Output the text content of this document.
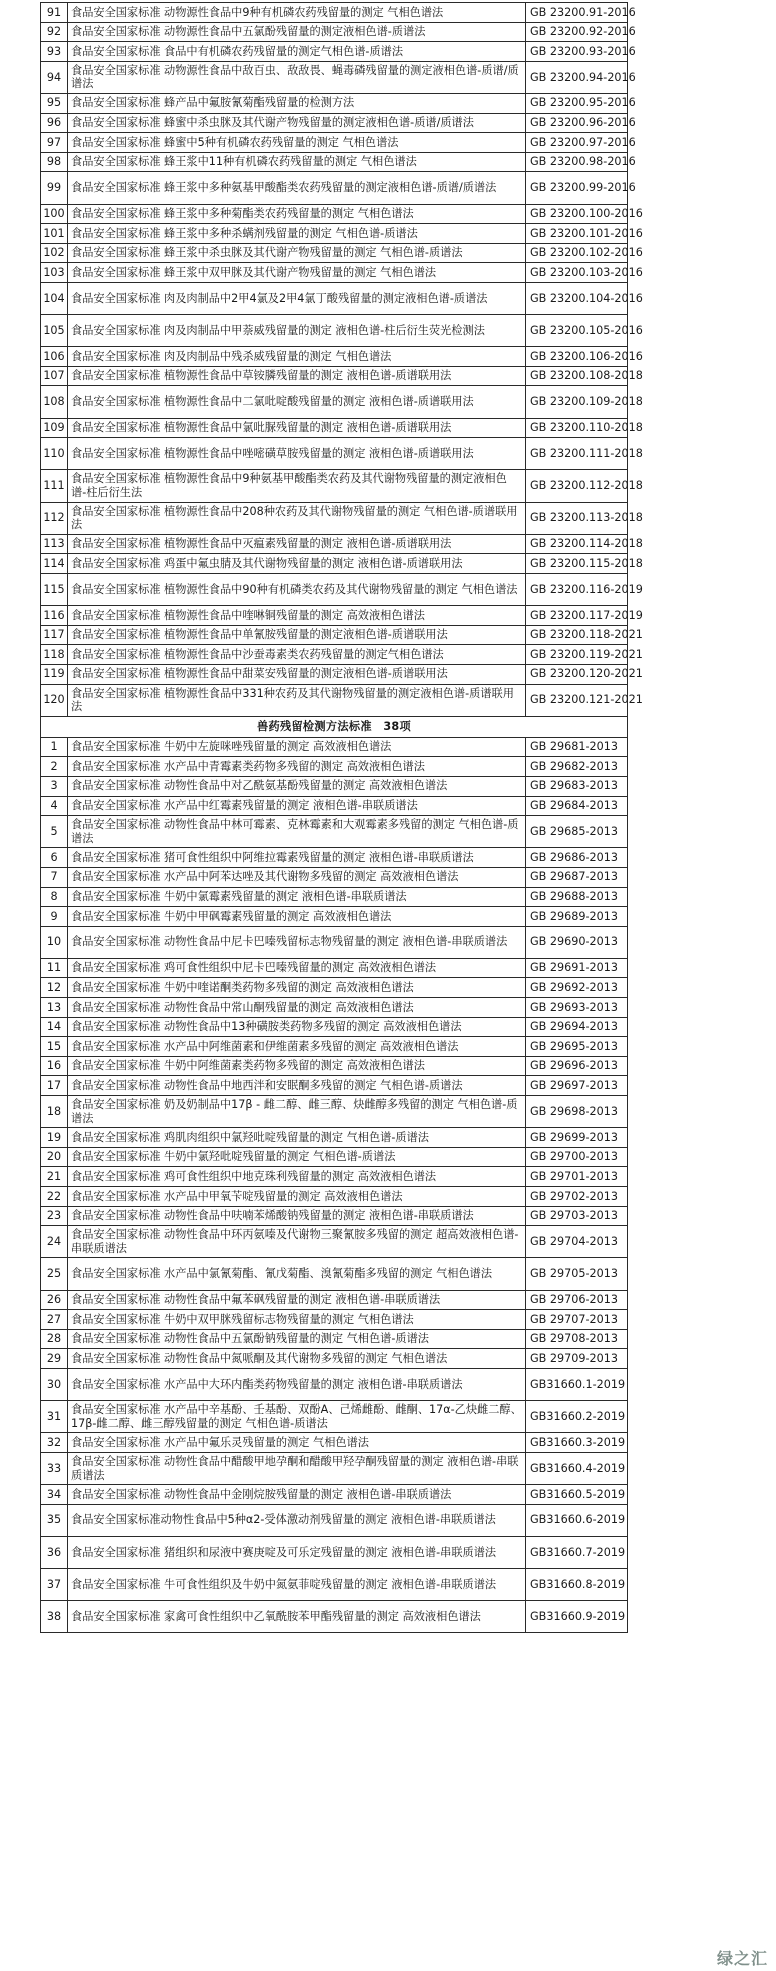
91	食品安全国家标准 动物源性食品中9种有机磷农药残留量的测定 气相色谱法	GB 23200.91-2016
92	食品安全国家标准 动物源性食品中五氯酚残留量的测定液相色谱-质谱法	GB 23200.92-2016
93	食品安全国家标准 食品中有机磷农药残留量的测定气相色谱-质谱法	GB 23200.93-2016
94	食品安全国家标准 动物源性食品中敌百虫、敌敌畏、蝇毒磷残留量的测定液相色谱-质谱/质谱法	GB 23200.94-2016
95	食品安全国家标准 蜂产品中氟胺氰菊酯残留量的检测方法	GB 23200.95-2016
96	食品安全国家标准 蜂蜜中杀虫脒及其代谢产物残留量的测定液相色谱-质谱/质谱法	GB 23200.96-2016
97	食品安全国家标准 蜂蜜中5种有机磷农药残留量的测定 气相色谱法	GB 23200.97-2016
98	食品安全国家标准 蜂王浆中11种有机磷农药残留量的测定 气相色谱法	GB 23200.98-2016
99	食品安全国家标准 蜂王浆中多种氨基甲酸酯类农药残留量的测定液相色谱-质谱/质谱法	GB 23200.99-2016
100	食品安全国家标准 蜂王浆中多种菊酯类农药残留量的测定 气相色谱法	GB 23200.100-2016
101	食品安全国家标准 蜂王浆中多种杀螨剂残留量的测定 气相色谱-质谱法	GB 23200.101-2016
102	食品安全国家标准 蜂王浆中杀虫脒及其代谢产物残留量的测定 气相色谱-质谱法	GB 23200.102-2016
103	食品安全国家标准 蜂王浆中双甲脒及其代谢产物残留量的测定 气相色谱法	GB 23200.103-2016
104	食品安全国家标准 肉及肉制品中2甲4氯及2甲4氯丁酸残留量的测定液相色谱-质谱法	GB 23200.104-2016
105	食品安全国家标准 肉及肉制品中甲萘威残留量的测定 液相色谱-柱后衍生荧光检测法	GB 23200.105-2016
106	食品安全国家标准 肉及肉制品中残杀威残留量的测定 气相色谱法	GB 23200.106-2016
107	食品安全国家标准 植物源性食品中草铵膦残留量的测定 液相色谱-质谱联用法	GB 23200.108-2018
108	食品安全国家标准 植物源性食品中二氯吡啶酸残留量的测定 液相色谱-质谱联用法	GB 23200.109-2018
109	食品安全国家标准 植物源性食品中氯吡脲残留量的测定 液相色谱-质谱联用法	GB 23200.110-2018
110	食品安全国家标准 植物源性食品中唑嘧磺草胺残留量的测定 液相色谱-质谱联用法	GB 23200.111-2018
111	食品安全国家标准 植物源性食品中9种氨基甲酸酯类农药及其代谢物残留量的测定液相色谱-柱后衍生法	GB 23200.112-2018
112	食品安全国家标准 植物源性食品中208种农药及其代谢物残留量的测定 气相色谱-质谱联用法	GB 23200.113-2018
113	食品安全国家标准 植物源性食品中灭瘟素残留量的测定 液相色谱-质谱联用法	GB 23200.114-2018
114	食品安全国家标准 鸡蛋中氟虫腈及其代谢物残留量的测定 液相色谱-质谱联用法	GB 23200.115-2018
115	食品安全国家标准 植物源性食品中90种有机磷类农药及其代谢物残留量的测定 气相色谱法	GB 23200.116-2019
116	食品安全国家标准 植物源性食品中喹啉铜残留量的测定 高效液相色谱法	GB 23200.117-2019
117	食品安全国家标准 植物源性食品中单氰胺残留量的测定液相色谱-质谱联用法	GB 23200.118-2021
118	食品安全国家标准 植物源性食品中沙蚕毒素类农药残留量的测定气相色谱法	GB 23200.119-2021
119	食品安全国家标准 植物源性食品中甜菜安残留量的测定液相色谱-质谱联用法	GB 23200.120-2021
120	食品安全国家标准 植物源性食品中331种农药及其代谢物残留量的测定液相色谱-质谱联用法	GB 23200.121-2021
兽药残留检测方法标准　38项		
1	食品安全国家标准 牛奶中左旋咪唑残留量的测定 高效液相色谱法	GB 29681-2013
2	食品安全国家标准 水产品中青霉素类药物多残留的测定 高效液相色谱法	GB 29682-2013
3	食品安全国家标准 动物性食品中对乙酰氨基酚残留量的测定 高效液相色谱法	GB 29683-2013
4	食品安全国家标准 水产品中红霉素残留量的测定 液相色谱-串联质谱法	GB 29684-2013
5	食品安全国家标准 动物性食品中林可霉素、克林霉素和大观霉素多残留的测定 气相色谱-质谱法	GB 29685-2013
6	食品安全国家标准 猪可食性组织中阿维拉霉素残留量的测定 液相色谱-串联质谱法	GB 29686-2013
7	食品安全国家标准 水产品中阿苯达唑及其代谢物多残留的测定 高效液相色谱法	GB 29687-2013
8	食品安全国家标准 牛奶中氯霉素残留量的测定 液相色谱-串联质谱法	GB 29688-2013
9	食品安全国家标准 牛奶中甲砜霉素残留量的测定 高效液相色谱法	GB 29689-2013
10	食品安全国家标准 动物性食品中尼卡巴嗪残留标志物残留量的测定 液相色谱-串联质谱法	GB 29690-2013
11	食品安全国家标准 鸡可食性组织中尼卡巴嗪残留量的测定 高效液相色谱法	GB 29691-2013
12	食品安全国家标准 牛奶中喹诺酮类药物多残留的测定 高效液相色谱法	GB 29692-2013
13	食品安全国家标准 动物性食品中常山酮残留量的测定 高效液相色谱法	GB 29693-2013
14	食品安全国家标准 动物性食品中13种磺胺类药物多残留的测定 高效液相色谱法	GB 29694-2013
15	食品安全国家标准 水产品中阿维菌素和伊维菌素多残留的测定 高效液相色谱法	GB 29695-2013
16	食品安全国家标准 牛奶中阿维菌素类药物多残留的测定 高效液相色谱法	GB 29696-2013
17	食品安全国家标准 动物性食品中地西泮和安眠酮多残留的测定 气相色谱-质谱法	GB 29697-2013
18	食品安全国家标准 奶及奶制品中17β - 雌二醇、雌三醇、炔雌醇多残留的测定 气相色谱-质谱法	GB 29698-2013
19	食品安全国家标准 鸡肌肉组织中氯羟吡啶残留量的测定 气相色谱-质谱法	GB 29699-2013
20	食品安全国家标准 牛奶中氯羟吡啶残留量的测定 气相色谱-质谱法	GB 29700-2013
21	食品安全国家标准 鸡可食性组织中地克珠利残留量的测定 高效液相色谱法	GB 29701-2013
22	食品安全国家标准 水产品中甲氧苄啶残留量的测定 高效液相色谱法	GB 29702-2013
23	食品安全国家标准 动物性食品中呋喃苯烯酸钠残留量的测定 液相色谱-串联质谱法	GB 29703-2013
24	食品安全国家标准 动物性食品中环丙氨嗪及代谢物三聚氰胺多残留的测定 超高效液相色谱-串联质谱法	GB 29704-2013
25	食品安全国家标准 水产品中氯氰菊酯、氰戊菊酯、溴氰菊酯多残留的测定 气相色谱法	GB 29705-2013
26	食品安全国家标准 动物性食品中氟苯砜残留量的测定 液相色谱-串联质谱法	GB 29706-2013
27	食品安全国家标准 牛奶中双甲脒残留标志物残留量的测定 气相色谱法	GB 29707-2013
28	食品安全国家标准 动物性食品中五氯酚钠残留量的测定 气相色谱-质谱法	GB 29708-2013
29	食品安全国家标准 动物性食品中氮哌酮及其代谢物多残留的测定 气相色谱法	GB 29709-2013
30	食品安全国家标准 水产品中大环内酯类药物残留量的测定 液相色谱-串联质谱法	GB31660.1-2019
31	食品安全国家标准 水产品中辛基酚、壬基酚、双酚A、己烯雌酚、雌酮、17α-乙炔雌二醇、17β-雌二醇、雌三醇残留量的测定 气相色谱-质谱法	GB31660.2-2019
32	食品安全国家标准 水产品中氟乐灵残留量的测定 气相色谱法	GB31660.3-2019
33	食品安全国家标准 动物性食品中醋酸甲地孕酮和醋酸甲羟孕酮残留量的测定 液相色谱-串联质谱法	GB31660.4-2019
34	食品安全国家标准 动物性食品中金刚烷胺残留量的测定 液相色谱-串联质谱法	GB31660.5-2019
35	食品安全国家标准动物性食品中5种α2-受体激动剂残留量的测定 液相色谱-串联质谱法	GB31660.6-2019
36	食品安全国家标准 猪组织和尿液中赛庚啶及可乐定残留量的测定 液相色谱-串联质谱法	GB31660.7-2019
37	食品安全国家标准 牛可食性组织及牛奶中氮氨菲啶残留量的测定 液相色谱-串联质谱法	GB31660.8-2019
38	食品安全国家标准 家禽可食性组织中乙氧酰胺苯甲酯残留量的测定 高效液相色谱法	GB31660.9-2019
绿之汇
